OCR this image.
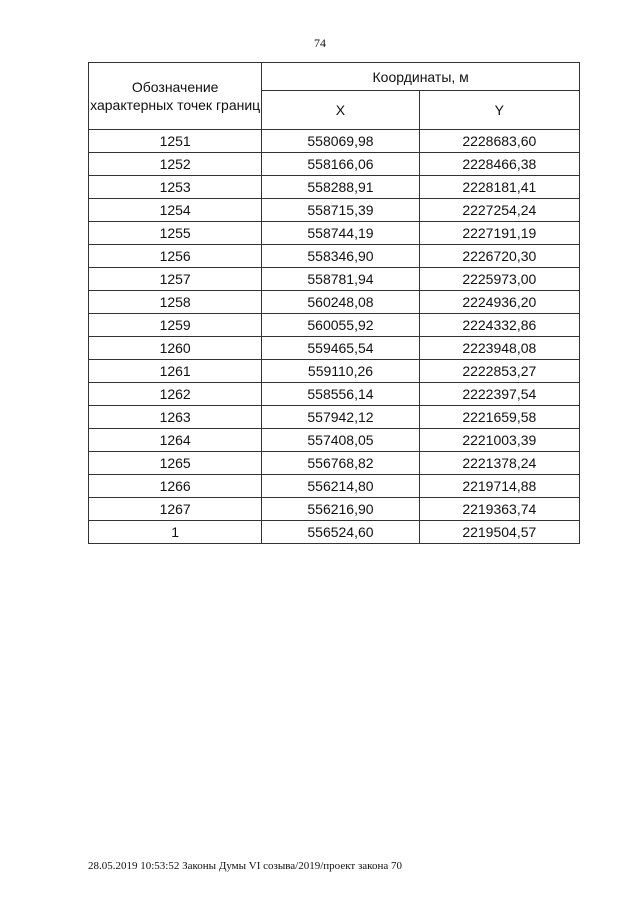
74
Обозначение характерных точек границ	Координаты, м	
	X	Y
1251	558069,98	2228683,60
1252	558166,06	2228466,38
1253	558288,91	2228181,41
1254	558715,39	2227254,24
1255	558744,19	2227191,19
1256	558346,90	2226720,30
1257	558781,94	2225973,00
1258	560248,08	2224936,20
1259	560055,92	2224332,86
1260	559465,54	2223948,08
1261	559110,26	2222853,27
1262	558556,14	2222397,54
1263	557942,12	2221659,58
1264	557408,05	2221003,39
1265	556768,82	2221378,24
1266	556214,80	2219714,88
1267	556216,90	2219363,74
1	556524,60	2219504,57
28.05.2019 10:53:52 Законы Думы VI созыва/2019/проект закона 70
